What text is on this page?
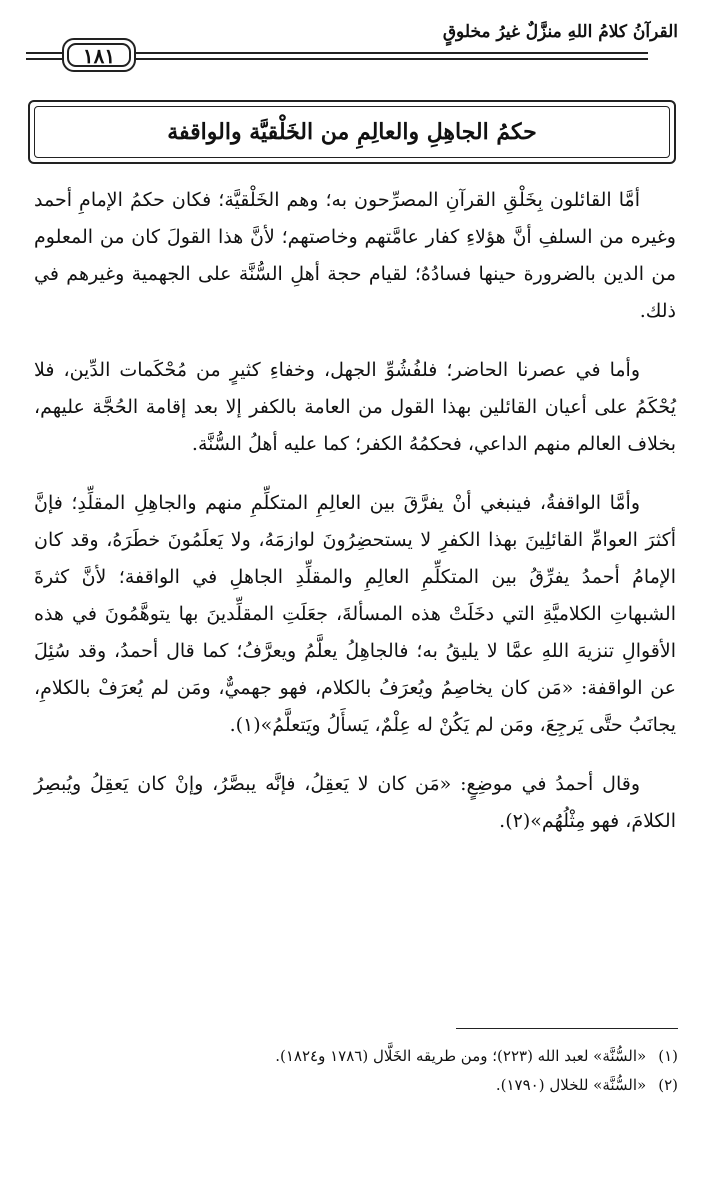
القرآنُ كلامُ اللهِ منزَّلٌ غيرُ مخلوقٍ
١٨١
حكمُ الجاهِلِ والعالِمِ من الخَلْقيَّة والواقفة

أمَّا القائلون بِخَلْقِ القرآنِ المصرِّحون به؛ وهم الخَلْقيَّة؛ فكان حكمُ الإمامِ أحمد وغيره من السلفِ أنَّ هؤلاءِ كفار عامَّتهم وخاصتهم؛ لأنَّ هذا القولَ كان من المعلوم من الدين بالضرورة حينها فسادُهُ؛ لقيام حجة أهلِ السُّنَّة على الجهمية وغيرهم في ذلك.

وأما في عصرنا الحاضر؛ فلفُشُوِّ الجهل، وخفاءِ كثيرٍ من مُحْكَمات الدِّين، فلا يُحْكَمُ على أعيان القائلين بهذا القول من العامة بالكفر إلا بعد إقامة الحُجَّة عليهم، بخلاف العالم منهم الداعي، فحكمُهُ الكفر؛ كما عليه أهلُ السُّنَّة.

وأمَّا الواقفةُ، فينبغي أنْ يفرَّقَ بين العالِمِ المتكلِّمِ منهم والجاهِلِ المقلِّدِ؛ فإنَّ أكثرَ العوامِّ القائلِينَ بهذا الكفرِ لا يستحضِرُونَ لوازمَهُ، ولا يَعلَمُونَ خطَرَهُ، وقد كان الإمامُ أحمدُ يفرِّقُ بين المتكلِّمِ العالِمِ والمقلِّدِ الجاهلِ في الواقفة؛ لأنَّ كثرةَ الشبهاتِ الكلاميَّةِ التي دخَلَتْ هذه المسألةَ، جعَلَتِ المقلِّدينَ بها يتوهَّمُونَ في هذه الأقوالِ تنزيهَ اللهِ عمَّا لا يليقُ به؛ فالجاهِلُ يعلَّمُ ويعرَّفُ؛ كما قال أحمدُ، وقد سُئِلَ عن الواقفة: «مَن كان يخاصِمُ ويُعرَفُ بالكلام، فهو جهميٌّ، ومَن لم يُعرَفْ بالكلامِ، يجانَبُ حتَّى يَرجِعَ، ومَن لم يَكُنْ له عِلْمٌ، يَسأَلُ ويَتعلَّمُ»(١).

وقال أحمدُ في موضِعٍ: «مَن كان لا يَعقِلُ، فإنَّه يبصَّرُ، وإنْ كان يَعقِلُ ويُبصِرُ الكلامَ، فهو مِثْلُهُم»(٢).

(١)«السُّنَّة» لعبد الله (٢٢٣)؛ ومن طريقه الخَلَّال (١٧٨٦ و١٨٢٤).
(٢)«السُّنَّة» للخلال (١٧٩٠).
